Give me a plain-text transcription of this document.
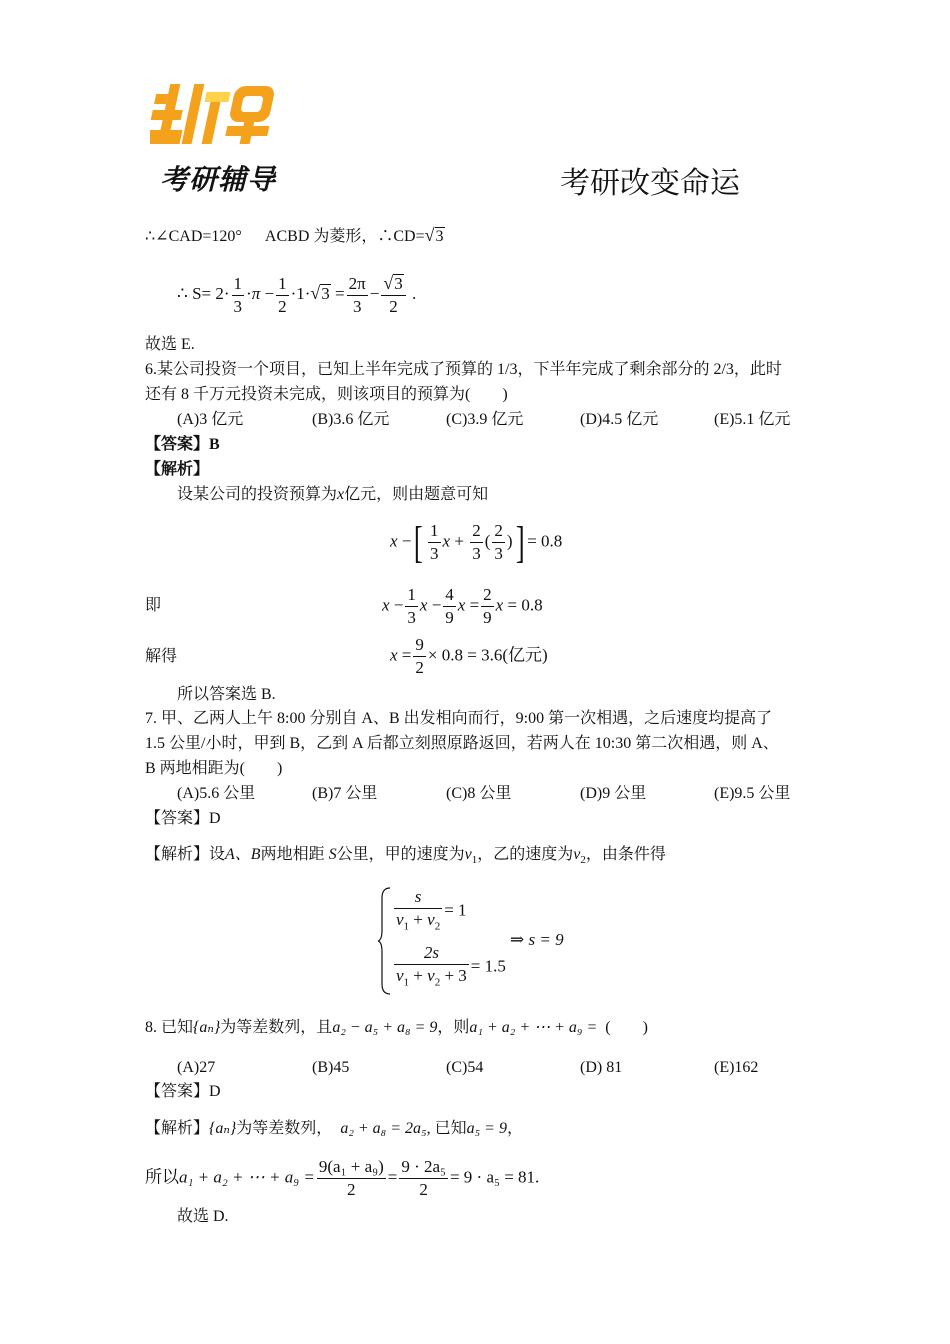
考研辅导	考研改变命运
∴∠CAD=120° ACBD 为菱形，∴CD=√3
∴ $S= 2\cdot \frac{1}{3} \cdot\pi - \frac{1}{2} \cdot 1\cdot√3 = \frac{2\pi}{3} - \frac{√3}{2}$ .
故选 E.
6.某公司投资一个项目，已知上半年完成了预算的 1/3，下半年完成了剩余部分的 2/3，此时
还有 8 千万元投资未完成，则该项目的预算为(　　)
(A)3 亿元	(B)3.6 亿元	(C)3.9 亿元	(D)4.5 亿元	(E)5.1 亿元
【答案】B
【解析】
设某公司的投资预算为x亿元，则由题意可知
x −[ $\frac{1}{3}$ $x + \frac{2}{3}$ ( $\frac{2}{3}$ )] = 0.8
即	$x - \frac{1}{3}$ $x - \frac{4}{9}$ $x = \frac{2}{9}$ x = 0.8
解得	$x = \frac{9}{2} \times 0.8 = 3.6$(亿元)
所以答案选 B.
7. 甲、乙两人上午 8:00 分别自 A、B 出发相向而行，9:00 第一次相遇，之后速度均提高了
1.5 公里/小时，甲到 B，乙到 A 后都立刻照原路返回，若两人在 10:30 第二次相遇，则 A、
B 两地相距为(　　)
(A)5.6 公里	(B)7 公里	(C)8 公里	(D)9 公里	(E)9.5 公里
【答案】D
【解析】设A、B两地相距 S公里，甲的速度为$v_1$，乙的速度为$v_2$，由条件得
$\frac{s}{v_1 + v_2} = 1$
$\frac{2s}{v_1 + v_2 + 3} = 1.5$
⇒ s = 9
8. 已知{aₙ}为等差数列，且a₂ − a₅ + a₈ = 9，则a₁ + a₂ + ⋯ + a₉ = (　　)
(A)27	(B)45	(C)54	(D) 81	(E)162
【答案】D
【解析】{aₙ}为等差数列， a₂ + a₈ = 2a₅, 已知a₅ = 9，
所以a₁ + a₂ + ⋯ + $a_9 = \frac{\text{9(a₁ + a₉)}}{2} = \frac{\text{9 · 2a₅}}{2} = 9 \cdot a_5 = 81$.
故选 D.
